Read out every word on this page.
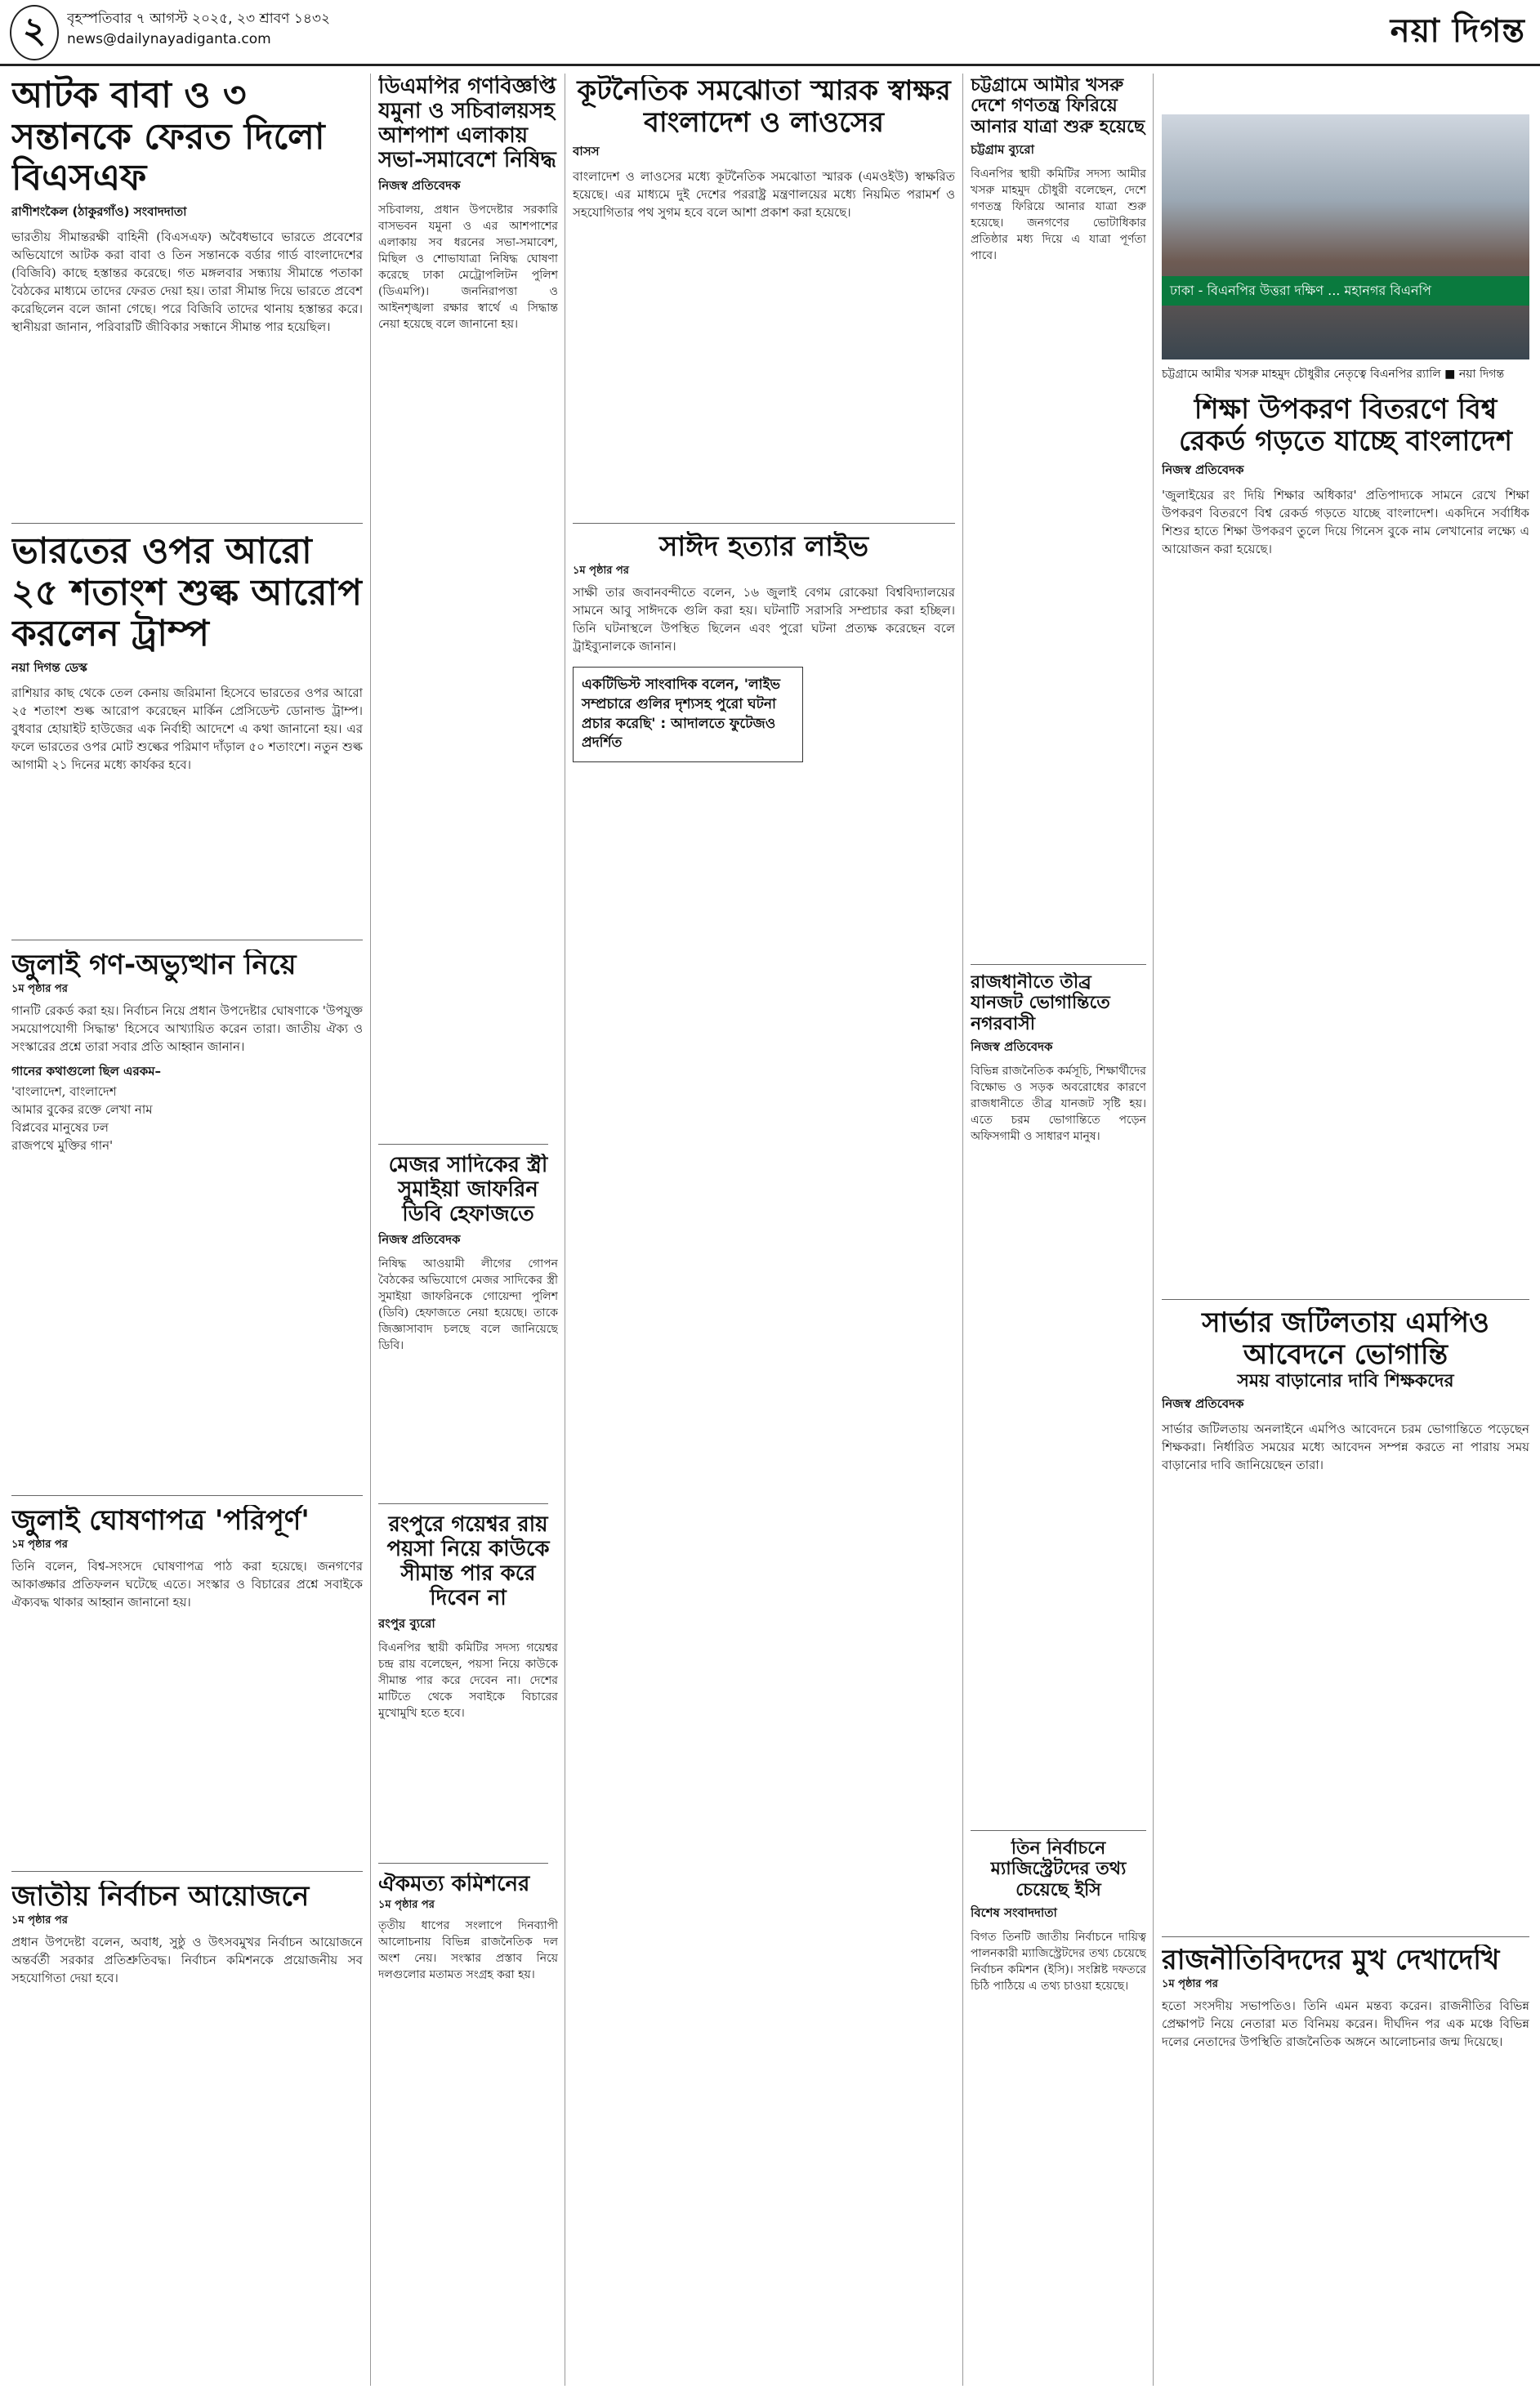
২	বৃহস্পতিবার ৭ আগস্ট ২০২৫, ২৩ শ্রাবণ ১৪৩২
news@dailynayadiganta.com	নয়া দিগন্ত
আটক বাবা ও ৩ সন্তানকে ফেরত দিলো বিএসএফ
রাণীশংকৈল (ঠাকুরগাঁও) সংবাদদাতা
ভারতীয় সীমান্তরক্ষী বাহিনী (বিএসএফ) অবৈধভাবে ভারতে প্রবেশের অভিযোগে আটক করা বাবা ও তিন সন্তানকে বর্ডার গার্ড বাংলাদেশের (বিজিবি) কাছে হস্তান্তর করেছে। গত মঙ্গলবার সন্ধ্যায় সীমান্তে পতাকা বৈঠকের মাধ্যমে তাদের ফেরত দেয়া হয়। তারা সীমান্ত দিয়ে ভারতে প্রবেশ করেছিলেন বলে জানা গেছে। পরে বিজিবি তাদের থানায় হস্তান্তর করে। স্থানীয়রা জানান, পরিবারটি জীবিকার সন্ধানে সীমান্ত পার হয়েছিল।
ভারতের ওপর আরো ২৫ শতাংশ শুল্ক আরোপ করলেন ট্রাম্প
নয়া দিগন্ত ডেস্ক
রাশিয়ার কাছ থেকে তেল কেনায় জরিমানা হিসেবে ভারতের ওপর আরো ২৫ শতাংশ শুল্ক আরোপ করেছেন মার্কিন প্রেসিডেন্ট ডোনাল্ড ট্রাম্প। বুধবার হোয়াইট হাউজের এক নির্বাহী আদেশে এ কথা জানানো হয়। এর ফলে ভারতের ওপর মোট শুল্কের পরিমাণ দাঁড়াল ৫০ শতাংশে। নতুন শুল্ক আগামী ২১ দিনের মধ্যে কার্যকর হবে।
জুলাই গণ-অভ্যুত্থান নিয়ে
১ম পৃষ্ঠার পর
গানটি রেকর্ড করা হয়। নির্বাচন নিয়ে প্রধান উপদেষ্টার ঘোষণাকে 'উপযুক্ত সময়োপযোগী সিদ্ধান্ত' হিসেবে আখ্যায়িত করেন তারা। জাতীয় ঐক্য ও সংস্কারের প্রশ্নে তারা সবার প্রতি আহ্বান জানান।
গানের কথাগুলো ছিল এরকম–
'বাংলাদেশ, বাংলাদেশ
আমার বুকের রক্তে লেখা নাম
বিপ্লবের মানুষের ঢল
রাজপথে মুক্তির গান'
জুলাই ঘোষণাপত্র 'পরিপূর্ণ'
১ম পৃষ্ঠার পর
তিনি বলেন, বিশ্ব-সংসদে ঘোষণাপত্র পাঠ করা হয়েছে। জনগণের আকাঙ্ক্ষার প্রতিফলন ঘটেছে এতে। সংস্কার ও বিচারের প্রশ্নে সবাইকে ঐক্যবদ্ধ থাকার আহ্বান জানানো হয়।
জাতীয় নির্বাচন আয়োজনে
১ম পৃষ্ঠার পর
প্রধান উপদেষ্টা বলেন, অবাধ, সুষ্ঠু ও উৎসবমুখর নির্বাচন আয়োজনে অন্তর্বর্তী সরকার প্রতিশ্রুতিবদ্ধ। নির্বাচন কমিশনকে প্রয়োজনীয় সব সহযোগিতা দেয়া হবে।
ডিএমপির গণবিজ্ঞপ্তি যমুনা ও সচিবালয়সহ আশপাশ এলাকায় সভা-সমাবেশে নিষিদ্ধ
নিজস্ব প্রতিবেদক
সচিবালয়, প্রধান উপদেষ্টার সরকারি বাসভবন যমুনা ও এর আশপাশের এলাকায় সব ধরনের সভা-সমাবেশ, মিছিল ও শোভাযাত্রা নিষিদ্ধ ঘোষণা করেছে ঢাকা মেট্রোপলিটন পুলিশ (ডিএমপি)। জননিরাপত্তা ও আইনশৃঙ্খলা রক্ষার স্বার্থে এ সিদ্ধান্ত নেয়া হয়েছে বলে জানানো হয়।
মেজর সাদিকের স্ত্রী সুমাইয়া জাফরিন ডিবি হেফাজতে
নিজস্ব প্রতিবেদক
নিষিদ্ধ আওয়ামী লীগের গোপন বৈঠকের অভিযোগে মেজর সাদিকের স্ত্রী সুমাইয়া জাফরিনকে গোয়েন্দা পুলিশ (ডিবি) হেফাজতে নেয়া হয়েছে। তাকে জিজ্ঞাসাবাদ চলছে বলে জানিয়েছে ডিবি।
রংপুরে গয়েশ্বর রায় পয়সা নিয়ে কাউকে সীমান্ত পার করে দিবেন না
রংপুর ব্যুরো
বিএনপির স্থায়ী কমিটির সদস্য গয়েশ্বর চন্দ্র রায় বলেছেন, পয়সা নিয়ে কাউকে সীমান্ত পার করে দেবেন না। দেশের মাটিতে থেকে সবাইকে বিচারের মুখোমুখি হতে হবে।
ঐকমত্য কমিশনের
১ম পৃষ্ঠার পর
তৃতীয় ধাপের সংলাপে দিনব্যাপী আলোচনায় বিভিন্ন রাজনৈতিক দল অংশ নেয়। সংস্কার প্রস্তাব নিয়ে দলগুলোর মতামত সংগ্রহ করা হয়।
কূটনৈতিক সমঝোতা স্মারক স্বাক্ষর বাংলাদেশ ও লাওসের
বাসস
বাংলাদেশ ও লাওসের মধ্যে কূটনৈতিক সমঝোতা স্মারক (এমওইউ) স্বাক্ষরিত হয়েছে। এর মাধ্যমে দুই দেশের পররাষ্ট্র মন্ত্রণালয়ের মধ্যে নিয়মিত পরামর্শ ও সহযোগিতার পথ সুগম হবে বলে আশা প্রকাশ করা হয়েছে।
সাঈদ হত্যার লাইভ
১ম পৃষ্ঠার পর
সাক্ষী তার জবানবন্দীতে বলেন, ১৬ জুলাই বেগম রোকেয়া বিশ্ববিদ্যালয়ের সামনে আবু সাঈদকে গুলি করা হয়। ঘটনাটি সরাসরি সম্প্রচার করা হচ্ছিল। তিনি ঘটনাস্থলে উপস্থিত ছিলেন এবং পুরো ঘটনা প্রত্যক্ষ করেছেন বলে ট্রাইব্যুনালকে জানান।
একটিভিস্ট সাংবাদিক বলেন, 'লাইভ সম্প্রচারে গুলির দৃশ্যসহ পুরো ঘটনা প্রচার করেছি' : আদালতে ফুটেজও প্রদর্শিত
চট্টগ্রামে আমীর খসরু দেশে গণতন্ত্র ফিরিয়ে আনার যাত্রা শুরু হয়েছে
চট্টগ্রাম ব্যুরো
বিএনপির স্থায়ী কমিটির সদস্য আমীর খসরু মাহমুদ চৌধুরী বলেছেন, দেশে গণতন্ত্র ফিরিয়ে আনার যাত্রা শুরু হয়েছে। জনগণের ভোটাধিকার প্রতিষ্ঠার মধ্য দিয়ে এ যাত্রা পূর্ণতা পাবে।
রাজধানীতে তীব্র যানজট ভোগান্তিতে নগরবাসী
নিজস্ব প্রতিবেদক
বিভিন্ন রাজনৈতিক কর্মসূচি, শিক্ষার্থীদের বিক্ষোভ ও সড়ক অবরোধের কারণে রাজধানীতে তীব্র যানজট সৃষ্টি হয়। এতে চরম ভোগান্তিতে পড়েন অফিসগামী ও সাধারণ মানুষ।
তিন নির্বাচনে ম্যাজিস্ট্রেটদের তথ্য চেয়েছে ইসি
বিশেষ সংবাদদাতা
বিগত তিনটি জাতীয় নির্বাচনে দায়িত্ব পালনকারী ম্যাজিস্ট্রেটদের তথ্য চেয়েছে নির্বাচন কমিশন (ইসি)। সংশ্লিষ্ট দফতরে চিঠি পাঠিয়ে এ তথ্য চাওয়া হয়েছে।
ঢাকা - বিএনপির উত্তরা দক্ষিণ ... মহানগর বিএনপি
চট্টগ্রামে আমীর খসরু মাহমুদ চৌধুরীর নেতৃত্বে বিএনপির র‍্যালি ■ নয়া দিগন্ত
শিক্ষা উপকরণ বিতরণে বিশ্ব রেকর্ড গড়তে যাচ্ছে বাংলাদেশ
নিজস্ব প্রতিবেদক
'জুলাইয়ের রং দিয়ি শিক্ষার অধিকার' প্রতিপাদ্যকে সামনে রেখে শিক্ষা উপকরণ বিতরণে বিশ্ব রেকর্ড গড়তে যাচ্ছে বাংলাদেশ। একদিনে সর্বাধিক শিশুর হাতে শিক্ষা উপকরণ তুলে দিয়ে গিনেস বুকে নাম লেখানোর লক্ষ্যে এ আয়োজন করা হয়েছে।
সার্ভার জটিলতায় এমপিও আবেদনে ভোগান্তি
সময় বাড়ানোর দাবি শিক্ষকদের
নিজস্ব প্রতিবেদক
সার্ভার জটিলতায় অনলাইনে এমপিও আবেদনে চরম ভোগান্তিতে পড়েছেন শিক্ষকরা। নির্ধারিত সময়ের মধ্যে আবেদন সম্পন্ন করতে না পারায় সময় বাড়ানোর দাবি জানিয়েছেন তারা।
রাজনীতিবিদদের মুখ দেখাদেখি
১ম পৃষ্ঠার পর
হতো সংসদীয় সভাপতিও। তিনি এমন মন্তব্য করেন। রাজনীতির বিভিন্ন প্রেক্ষাপট নিয়ে নেতারা মত বিনিময় করেন। দীর্ঘদিন পর এক মঞ্চে বিভিন্ন দলের নেতাদের উপস্থিতি রাজনৈতিক অঙ্গনে আলোচনার জন্ম দিয়েছে।
